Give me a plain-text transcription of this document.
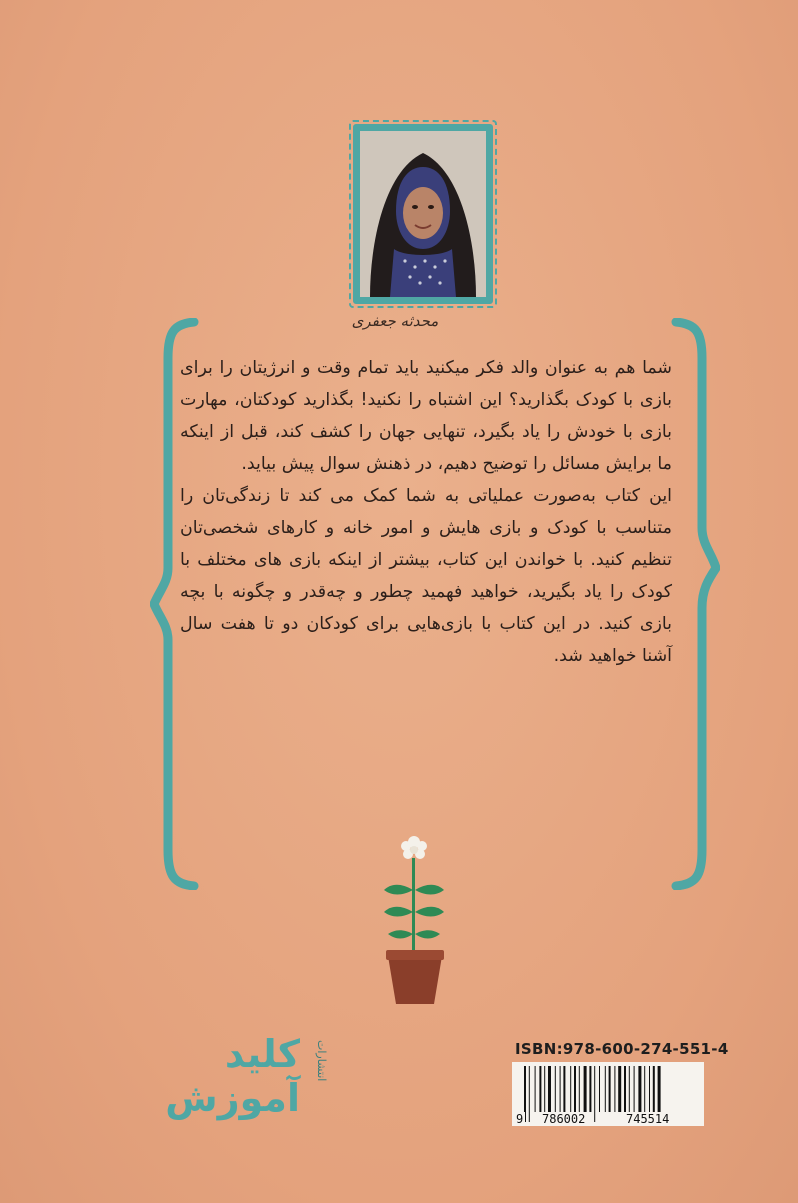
محدثه جعفری

شما هم به عنوان والد فکر میکنید باید تمام وقت و انرژیتان را برای بازی با کودک بگذارید؟ این اشتباه را نکنید! بگذارید کودکتان، مهارت بازی با خودش را یاد بگیرد، تنهایی جهان را کشف کند، قبل از اینکه ما برایش مسائل را توضیح دهیم، در ذهنش سوال پیش بیاید.

این کتاب به‌صورت عملیاتی به شما کمک می کند تا زندگی‌تان را متناسب با کودک و بازی هایش و امور خانه و کارهای شخصی‌تان تنظیم کنید. با خواندن این کتاب، بیشتر از اینکه بازی های مختلف با کودک را یاد بگیرید، خواهید فهمید چطور و چه‌قدر و چگونه با بچه بازی کنید. در این کتاب با بازی‌هایی برای کودکان دو تا هفت سال آشنا خواهید شد.

کلید انتشارات
آموزش
ISBN:978-600-274-551-4
9 786002	745514
